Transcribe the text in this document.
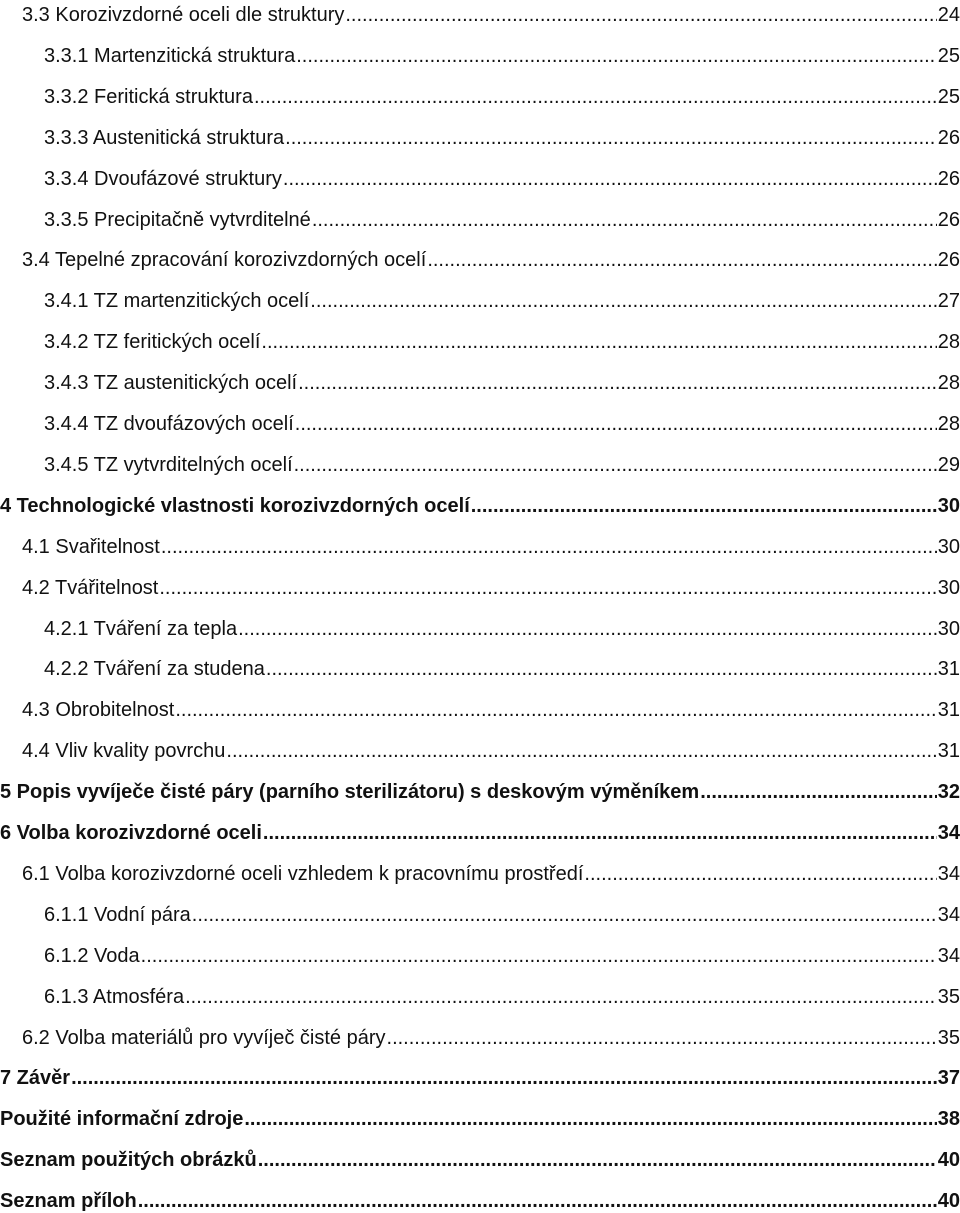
3.3 Korozivzdorné oceli dle struktury .....	24
3.3.1 Martenzitická struktura .....	25
3.3.2 Feritická struktura .....	25
3.3.3 Austenitická struktura .....	26
3.3.4 Dvoufázové struktury .....	26
3.3.5 Precipitačně vytvrditelné .....	26
3.4 Tepelné zpracování korozivzdorných ocelí .....	26
3.4.1 TZ martenzitických ocelí .....	27
3.4.2 TZ feritických ocelí .....	28
3.4.3 TZ austenitických ocelí .....	28
3.4.4 TZ dvoufázových ocelí .....	28
3.4.5 TZ vytvrditelných ocelí .....	29
4 Technologické vlastnosti korozivzdorných ocelí .....	30
4.1 Svařitelnost .....	30
4.2 Tvářitelnost .....	30
4.2.1 Tváření za tepla .....	30
4.2.2 Tváření za studena .....	31
4.3 Obrobitelnost .....	31
4.4 Vliv kvality povrchu .....	31
5 Popis vyvíječe čisté páry (parního sterilizátoru) s deskovým výměníkem .....	32
6 Volba korozivzdorné oceli .....	34
6.1 Volba korozivzdorné oceli vzhledem k pracovnímu prostředí .....	34
6.1.1 Vodní pára .....	34
6.1.2 Voda .....	34
6.1.3 Atmosféra .....	35
6.2 Volba materiálů pro vyvíječ čisté páry .....	35
7 Závěr .....	37
Použité informační zdroje .....	38
Seznam použitých obrázků .....	40
Seznam příloh .....	40
